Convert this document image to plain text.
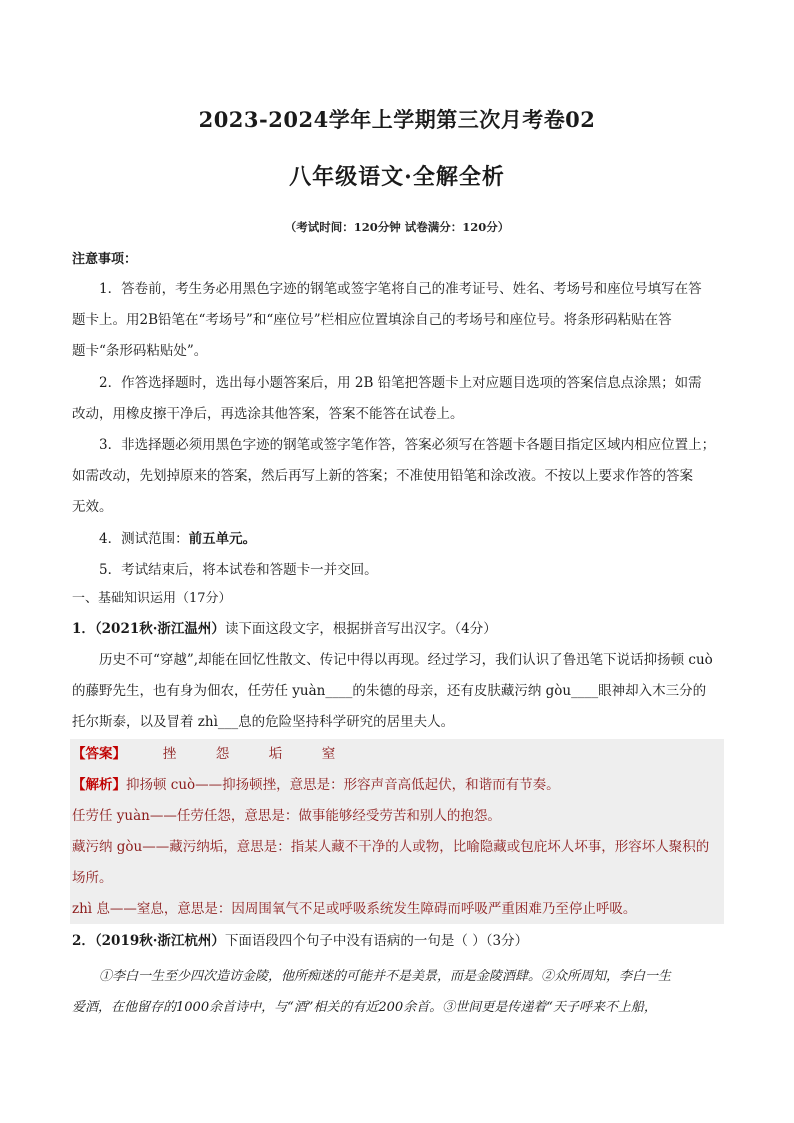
2023-2024学年上学期第三次月考卷02
八年级语文·全解全析
（考试时间：120分钟 试卷满分：120分）
注意事项：

1．答卷前，考生务必用黑色字迹的钢笔或签字笔将自己的准考证号、姓名、考场号和座位号填写在答

题卡上。用2B铅笔在“考场号”和“座位号”栏相应位置填涂自己的考场号和座位号。将条形码粘贴在答

题卡“条形码粘贴处”。

2．作答选择题时，选出每小题答案后，用 2B 铅笔把答题卡上对应题目选项的答案信息点涂黑；如需

改动，用橡皮擦干净后，再选涂其他答案，答案不能答在试卷上。

3．非选择题必须用黑色字迹的钢笔或签字笔作答，答案必须写在答题卡各题目指定区域内相应位置上；

如需改动，先划掉原来的答案，然后再写上新的答案；不准使用铅笔和涂改液。不按以上要求作答的答案

无效。

4．测试范围：前五单元。

5．考试结束后，将本试卷和答题卡一并交回。

一、基础知识运用（17分）

1．（2021秋·浙江温州）读下面这段文字，根据拼音写出汉字。（4分）

历史不可“穿越”,却能在回忆性散文、传记中得以再现。经过学习，我们认识了鲁迅笔下说话抑扬顿 cuò

的藤野先生，也有身为佃农，任劳任 yuàn____的朱德的母亲，还有皮肤藏污纳 gòu____眼神却入木三分的

托尔斯泰，以及冒着 zhì___息的危险坚持科学研究的居里夫人。

【答案】	挫	怨	垢	窒

【解析】抑扬顿 cuò——抑扬顿挫，意思是：形容声音高低起伏，和谐而有节奏。

任劳任 yuàn——任劳任怨，意思是：做事能够经受劳苦和别人的抱怨。

藏污纳 gòu——藏污纳垢，意思是：指某人藏不干净的人或物，比喻隐藏或包庇坏人坏事，形容坏人聚积的

场所。

zhì 息——窒息，意思是：因周围氧气不足或呼吸系统发生障碍而呼吸严重困难乃至停止呼吸。

2．（2019秋·浙江杭州）下面语段四个句子中没有语病的一句是（ ）（3分）

①李白一生至少四次造访金陵，他所痴迷的可能并不是美景，而是金陵酒肆。②众所周知，李白一生

爱酒，在他留存的1000余首诗中，与“酒”相关的有近200余首。③世间更是传递着“天子呼来不上船，
